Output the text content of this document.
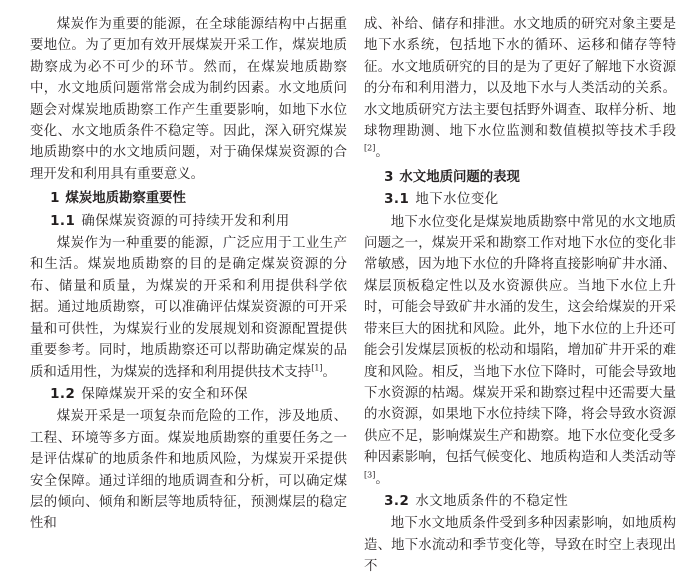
煤炭作为重要的能源，在全球能源结构中占据重要地位。为了更加有效开展煤炭开采工作，煤炭地质勘察成为必不可少的环节。然而，在煤炭地质勘察中，水文地质问题常常会成为制约因素。水文地质问题会对煤炭地质勘察工作产生重要影响，如地下水位变化、水文地质条件不稳定等。因此，深入研究煤炭地质勘察中的水文地质问题，对于确保煤炭资源的合理开发和利用具有重要意义。

1 煤炭地质勘察重要性
1.1 确保煤炭资源的可持续开发和利用

煤炭作为一种重要的能源，广泛应用于工业生产和生活。煤炭地质勘察的目的是确定煤炭资源的分布、储量和质量，为煤炭的开采和利用提供科学依据。通过地质勘察，可以准确评估煤炭资源的可开采量和可供性，为煤炭行业的发展规划和资源配置提供重要参考。同时，地质勘察还可以帮助确定煤炭的品质和适用性，为煤炭的选择和利用提供技术支持[1]。

1.2 保障煤炭开采的安全和环保

煤炭开采是一项复杂而危险的工作，涉及地质、工程、环境等多方面。煤炭地质勘察的重要任务之一是评估煤矿的地质条件和地质风险，为煤炭开采提供安全保障。通过详细的地质调查和分析，可以确定煤层的倾向、倾角和断层等地质特征，预测煤层的稳定性和

成、补给、储存和排泄。水文地质的研究对象主要是地下水系统，包括地下水的循环、运移和储存等特征。水文地质研究的目的是为了更好了解地下水资源的分布和利用潜力，以及地下水与人类活动的关系。水文地质研究方法主要包括野外调查、取样分析、地球物理勘测、地下水位监测和数值模拟等技术手段[2]。

3 水文地质问题的表现
3.1 地下水位变化

地下水位变化是煤炭地质勘察中常见的水文地质问题之一，煤炭开采和勘察工作对地下水位的变化非常敏感，因为地下水位的升降将直接影响矿井水涌、煤层顶板稳定性以及水资源供应。当地下水位上升时，可能会导致矿井水涌的发生，这会给煤炭的开采带来巨大的困扰和风险。此外，地下水位的上升还可能会引发煤层顶板的松动和塌陷，增加矿井开采的难度和风险。相反，当地下水位下降时，可能会导致地下水资源的枯竭。煤炭开采和勘察过程中还需要大量的水资源，如果地下水位持续下降，将会导致水资源供应不足，影响煤炭生产和勘察。地下水位变化受多种因素影响，包括气候变化、地质构造和人类活动等[3]。

3.2 水文地质条件的不稳定性

地下水文地质条件受到多种因素影响，如地质构造、地下水流动和季节变化等，导致在时空上表现出不
